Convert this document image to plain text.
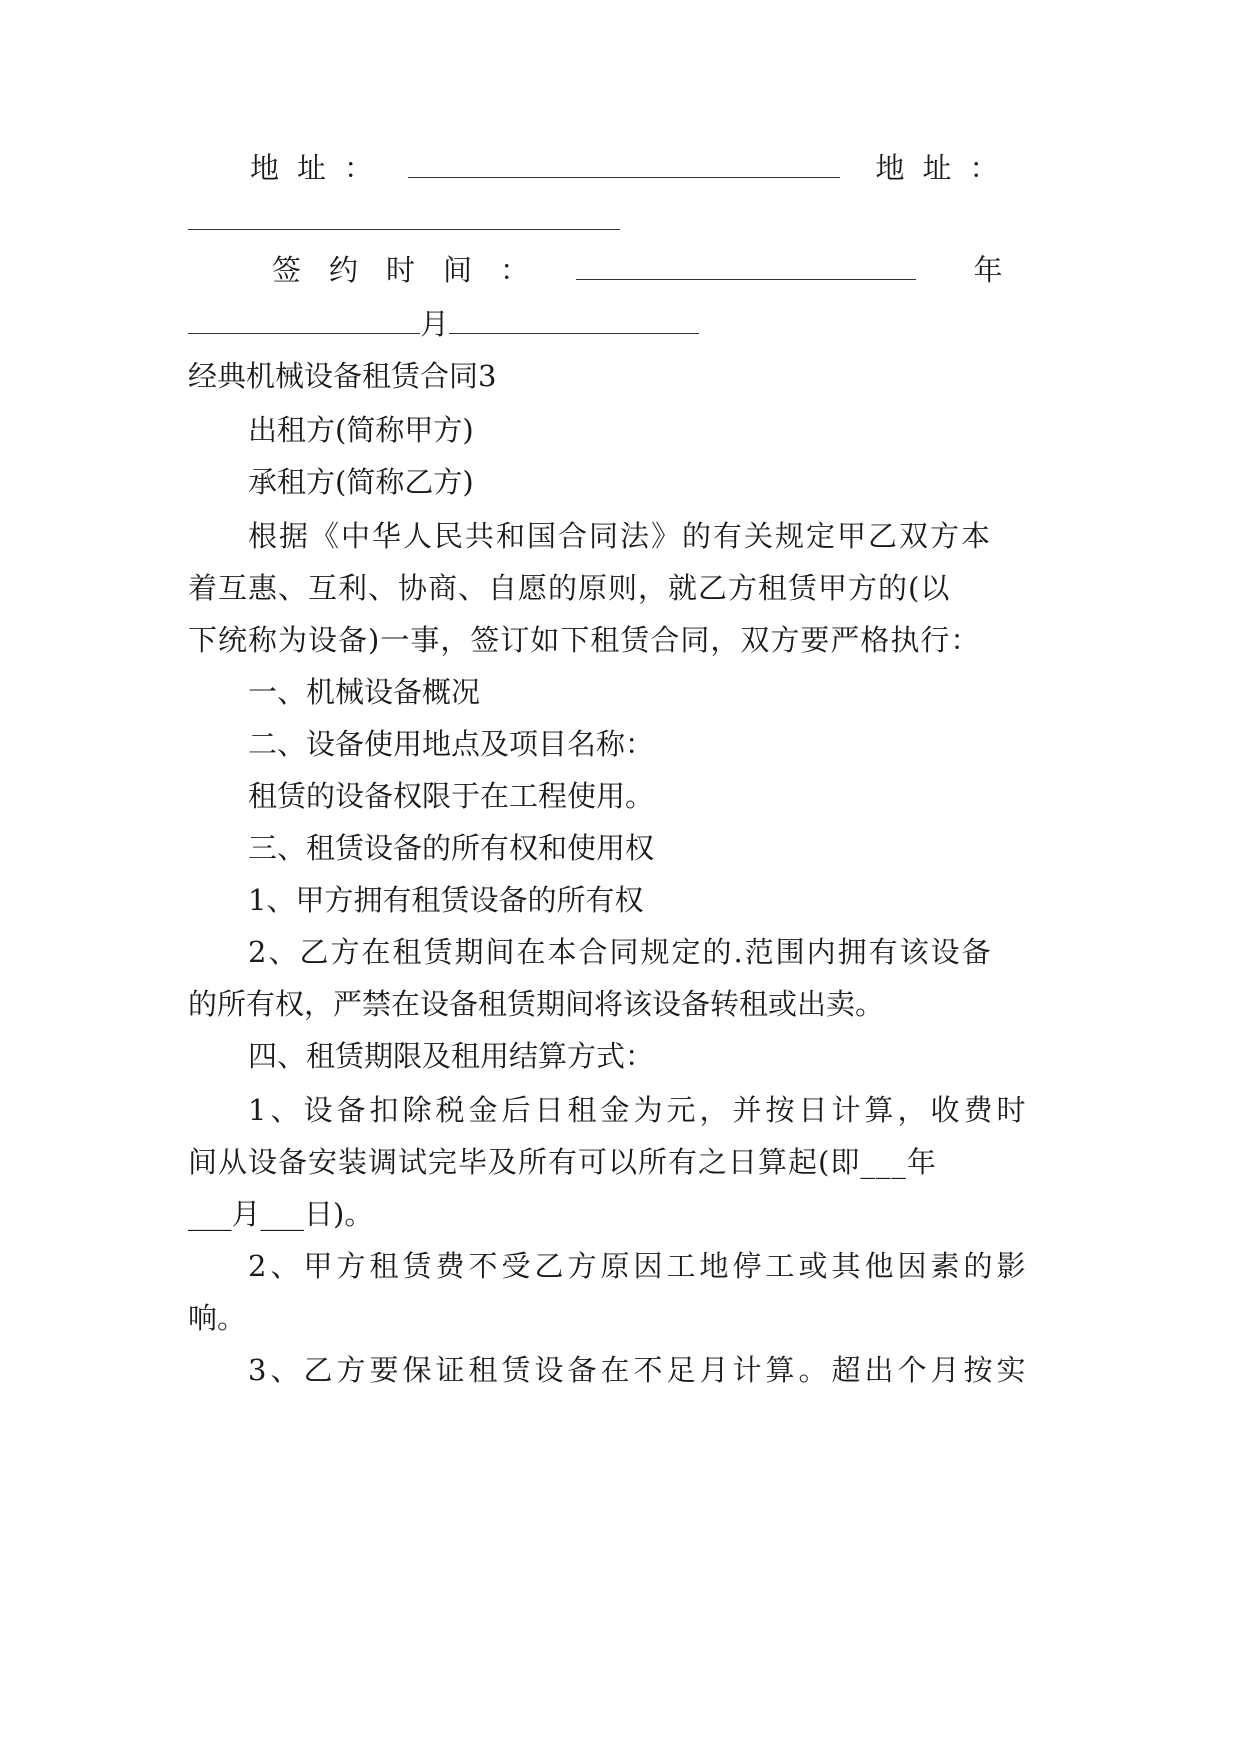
地址：	地址：
签约时间：	年
月
经典机械设备租赁合同3
出租方(简称甲方)
承租方(简称乙方)
根据《中华人民共和国合同法》的有关规定甲乙双方本
着互惠、互利、协商、自愿的原则，就乙方租赁甲方的(以
下统称为设备)一事，签订如下租赁合同，双方要严格执行：
一、机械设备概况
二、设备使用地点及项目名称：
租赁的设备权限于在工程使用。
三、租赁设备的所有权和使用权
1、甲方拥有租赁设备的所有权
2、乙方在租赁期间在本合同规定的.范围内拥有该设备
的所有权，严禁在设备租赁期间将该设备转租或出卖。
四、租赁期限及租用结算方式：
1、设备扣除税金后日租金为元，并按日计算，收费时
间从设备安装调试完毕及所有可以所有之日算起(即___年
___月___日)。
2、甲方租赁费不受乙方原因工地停工或其他因素的影
响。
3、乙方要保证租赁设备在不足月计算。超出个月按实
